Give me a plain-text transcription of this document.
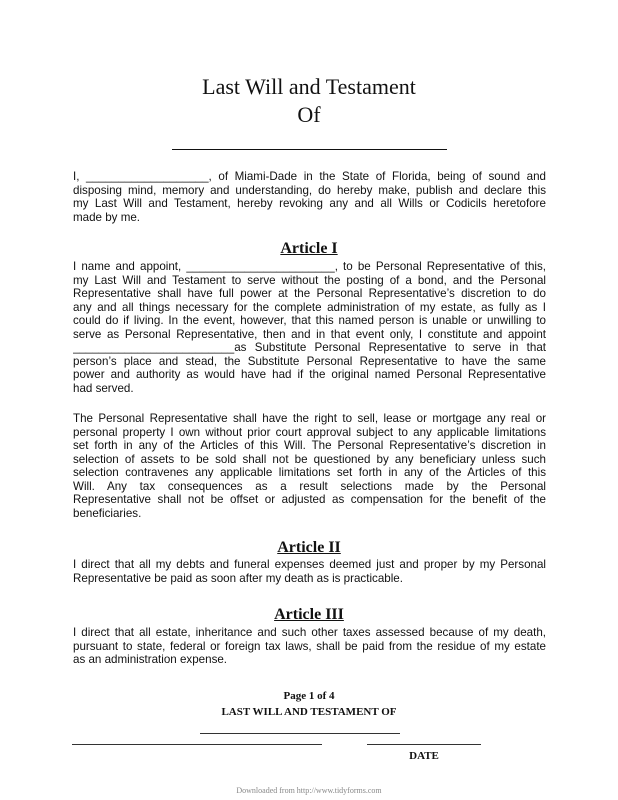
Last Will and Testament
Of
I, ___________________, of Miami-Dade in the State of Florida, being of sound and
disposing mind, memory and understanding, do hereby make, publish and declare this
my Last Will and Testament, hereby revoking any and all Wills or Codicils heretofore
made by me.
Article I
I name and appoint, _______________________, to be Personal Representative of this,
my Last Will and Testament to serve without the posting of a bond, and the Personal
Representative shall have full power at the Personal Representative’s discretion to do
any and all things necessary for the complete administration of my estate, as fully as I
could do if living. In the event, however, that this named person is unable or unwilling to
serve as Personal Representative, then and in that event only, I constitute and appoint
_________________________as Substitute Personal Representative to serve in that
person’s place and stead, the Substitute Personal Representative to have the same
power and authority as would have had if the original named Personal Representative
had served.
The Personal Representative shall have the right to sell, lease or mortgage any real or
personal property I own without prior court approval subject to any applicable limitations
set forth in any of the Articles of this Will. The Personal Representative’s discretion in
selection of assets to be sold shall not be questioned by any beneficiary unless such
selection contravenes any applicable limitations set forth in any of the Articles of this
Will. Any tax consequences as a result selections made by the Personal
Representative shall not be offset or adjusted as compensation for the benefit of the
beneficiaries.
Article II
I direct that all my debts and funeral expenses deemed just and proper by my Personal
Representative be paid as soon after my death as is practicable.
Article III
I direct that all estate, inheritance and such other taxes assessed because of my death,
pursuant to state, federal or foreign tax laws, shall be paid from the residue of my estate
as an administration expense.
Page 1 of 4
LAST WILL AND TESTAMENT OF
DATE
Downloaded from http://www.tidyforms.com
